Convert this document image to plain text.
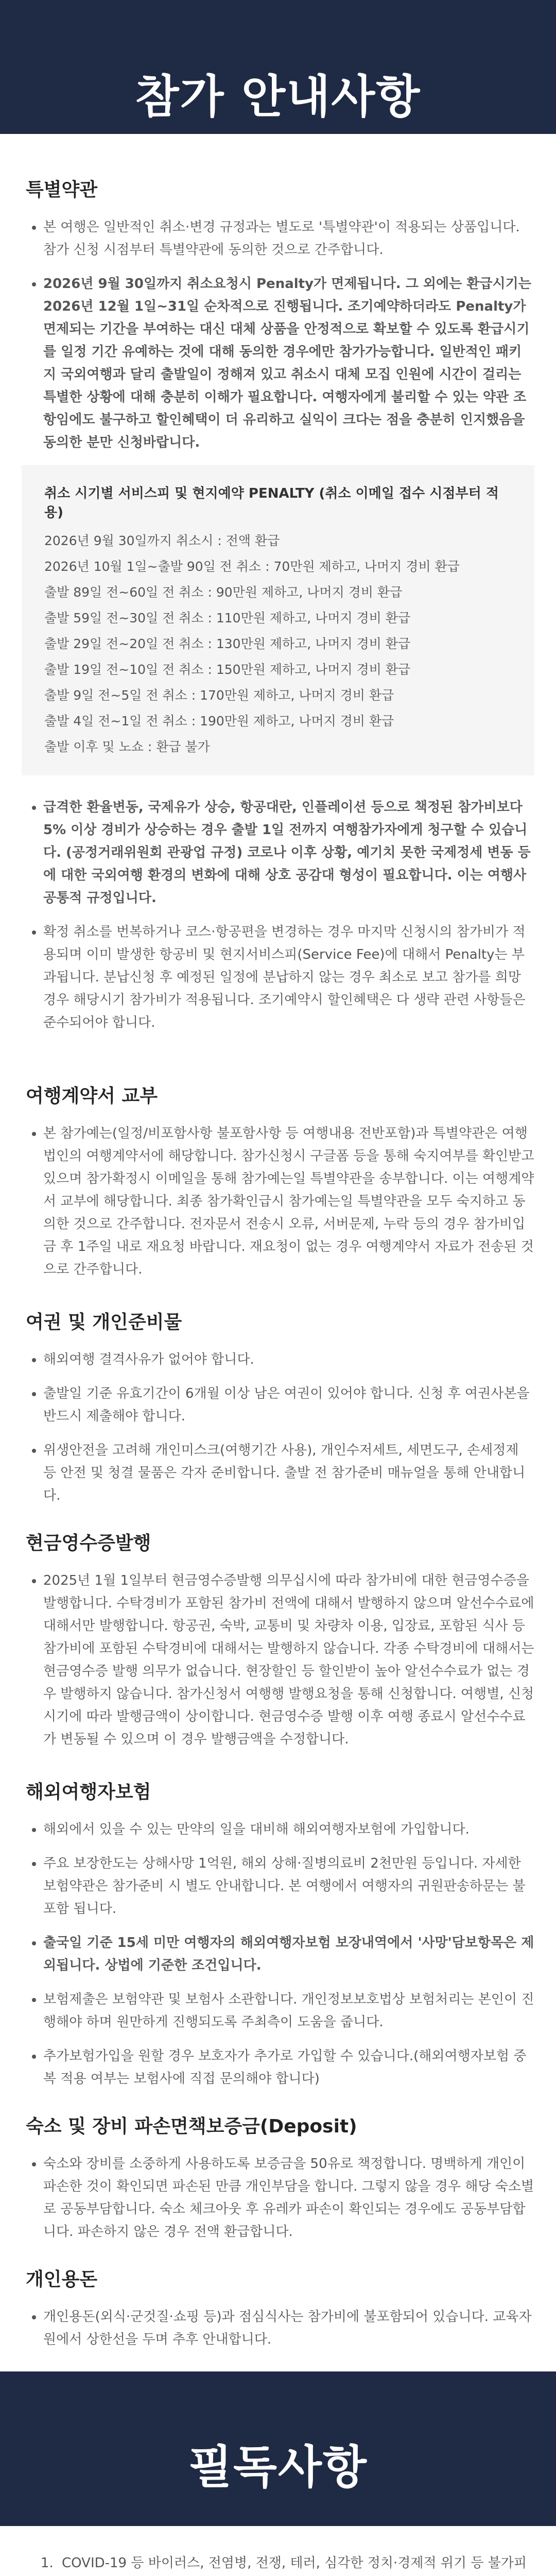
참가 안내사항
특별약관
• 본 여행은 일반적인 취소·변경 규정과는 별도로 '특별약관'이 적용되는 상품입니다. 참가 신청 시점부터 특별약관에 동의한 것으로 간주합니다.
• 2026년 9월 30일까지 취소요청시 Penalty가 면제됩니다. 그 외에는 환급시기는 2026년 12월 1일~31일 순차적으로 진행됩니다. 조기예약하더라도 Penalty가 면제되는 기간을 부여하는 대신 대체 상품을 안정적으로 확보할 수 있도록 환급시기를 일정 기간 유예하는 것에 대해 동의한 경우에만 참가가능합니다. 일반적인 패키지 국외여행과 달리 출발일이 정해져 있고 취소시 대체 모집 인원에 시간이 걸리는 특별한 상황에 대해 충분히 이해가 필요합니다. 여행자에게 불리할 수 있는 약관 조항임에도 불구하고 할인혜택이 더 유리하고 실익이 크다는 점을 충분히 인지했음을 동의한 분만 신청바랍니다.
취소 시기별 서비스피 및 현지예약 PENALTY (취소 이메일 접수 시점부터 적용)
2026년 9월 30일까지 취소시 : 전액 환급
2026년 10월 1일~출발 90일 전 취소 : 70만원 제하고, 나머지 경비 환급
출발 89일 전~60일 전 취소 : 90만원 제하고, 나머지 경비 환급
출발 59일 전~30일 전 취소 : 110만원 제하고, 나머지 경비 환급
출발 29일 전~20일 전 취소 : 130만원 제하고, 나머지 경비 환급
출발 19일 전~10일 전 취소 : 150만원 제하고, 나머지 경비 환급
출발 9일 전~5일 전 취소 : 170만원 제하고, 나머지 경비 환급
출발 4일 전~1일 전 취소 : 190만원 제하고, 나머지 경비 환급
출발 이후 및 노쇼 : 환급 불가
• 급격한 환율변동, 국제유가 상승, 항공대란, 인플레이션 등으로 책정된 참가비보다 5% 이상 경비가 상승하는 경우 출발 1일 전까지 여행참가자에게 청구할 수 있습니다. (공정거래위원회 관광업 규정) 코로나 이후 상황, 예기치 못한 국제정세 변동 등에 대한 국외여행 환경의 변화에 대해 상호 공감대 형성이 필요합니다. 이는 여행사 공통적 규정입니다.
• 확정 취소를 번복하거나 코스·항공편을 변경하는 경우 마지막 신청시의 참가비가 적용되며 이미 발생한 항공비 및 현지서비스피(Service Fee)에 대해서 Penalty는 부과됩니다. 분납신청 후 예정된 일정에 분납하지 않는 경우 최소로 보고 참가를 희망 경우 해당시기 참가비가 적용됩니다. 조기예약시 할인혜택은 다 생략 관련 사항들은 준수되어야 합니다.
여행계약서 교부
• 본 참가예는(일정/비포함사항 불포함사항 등 여행내용 전반포함)과 특별약관은 여행법인의 여행계약서에 해당합니다. 참가신청시 구글폼 등을 통해 숙지여부를 확인받고 있으며 참가확정시 이메일을 통해 참가예는일 특별약관을 송부합니다. 이는 여행계약서 교부에 해당합니다. 최종 참가확인급시 참가예는일 특별약관을 모두 숙지하고 동의한 것으로 간주합니다. 전자문서 전송시 오류, 서버문제, 누락 등의 경우 참가비입금 후 1주일 내로 재요청 바랍니다. 재요청이 없는 경우 여행계약서 자료가 전송된 것으로 간주합니다.
여권 및 개인준비물
• 해외여행 결격사유가 없어야 합니다.
• 출발일 기준 유효기간이 6개월 이상 남은 여권이 있어야 합니다. 신청 후 여권사본을 반드시 제출해야 합니다.
• 위생안전을 고려해 개인미스크(여행기간 사용), 개인수저세트, 세면도구, 손세정제 등 안전 및 청결 물품은 각자 준비합니다. 출발 전 참가준비 매뉴얼을 통해 안내합니다.
현금영수증발행
• 2025년 1월 1일부터 현금영수증발행 의무십시에 따라 참가비에 대한 현금영수증을 발행합니다. 수탁경비가 포함된 참가비 전액에 대해서 발행하지 않으며 알선수수료에 대해서만 발행합니다. 항공권, 숙박, 교통비 및 차량차 이용, 입장료, 포함된 식사 등 참가비에 포함된 수탁경비에 대해서는 발행하지 않습니다. 각종 수탁경비에 대해서는 현금영수증 발행 의무가 없습니다. 현장할인 등 할인받이 높아 알선수수료가 없는 경우 발행하지 않습니다. 참가신청서 여행행 발행요청을 통해 신청합니다. 여행별, 신청시기에 따라 발행금액이 상이합니다. 현금영수증 발행 이후 여행 종료시 알선수수료가 변동될 수 있으며 이 경우 발행금액을 수정합니다.
해외여행자보험
• 해외에서 있을 수 있는 만약의 일을 대비해 해외여행자보험에 가입합니다.
• 주요 보장한도는 상해사망 1억원, 해외 상해·질병의료비 2천만원 등입니다. 자세한 보험약관은 참가준비 시 별도 안내합니다. 본 여행에서 여행자의 귀원판송하문는 불포함 됩니다.
• 출국일 기준 15세 미만 여행자의 해외여행자보험 보장내역에서 '사망'담보항목은 제외됩니다. 상법에 기준한 조건입니다.
• 보험제출은 보험약관 및 보험사 소관합니다. 개인정보보호법상 보험처리는 본인이 진행해야 하며 원만하게 진행되도록 주최측이 도움을 줍니다.
• 추가보험가입을 원할 경우 보호자가 추가로 가입할 수 있습니다.(해외여행자보험 중복 적용 여부는 보험사에 직접 문의해야 합니다)
숙소 및 장비 파손면책보증금(Deposit)
• 숙소와 장비를 소중하게 사용하도록 보증금을 50유로 책정합니다. 명백하게 개인이 파손한 것이 확인되면 파손된 만큼 개인부담을 합니다. 그렇지 않을 경우 해당 숙소별로 공동부담합니다. 숙소 체크아웃 후 유레카 파손이 확인되는 경우에도 공동부담합니다. 파손하지 않은 경우 전액 환급합니다.
개인용돈
• 개인용돈(외식·군것질·쇼핑 등)과 점심식사는 참가비에 불포함되어 있습니다. 교육자원에서 상한선을 두며 추후 안내합니다.
필독사항
1. COVID-19 등 바이러스, 전염병, 전쟁, 테러, 심각한 정치·경제적 위기 등 불가피
